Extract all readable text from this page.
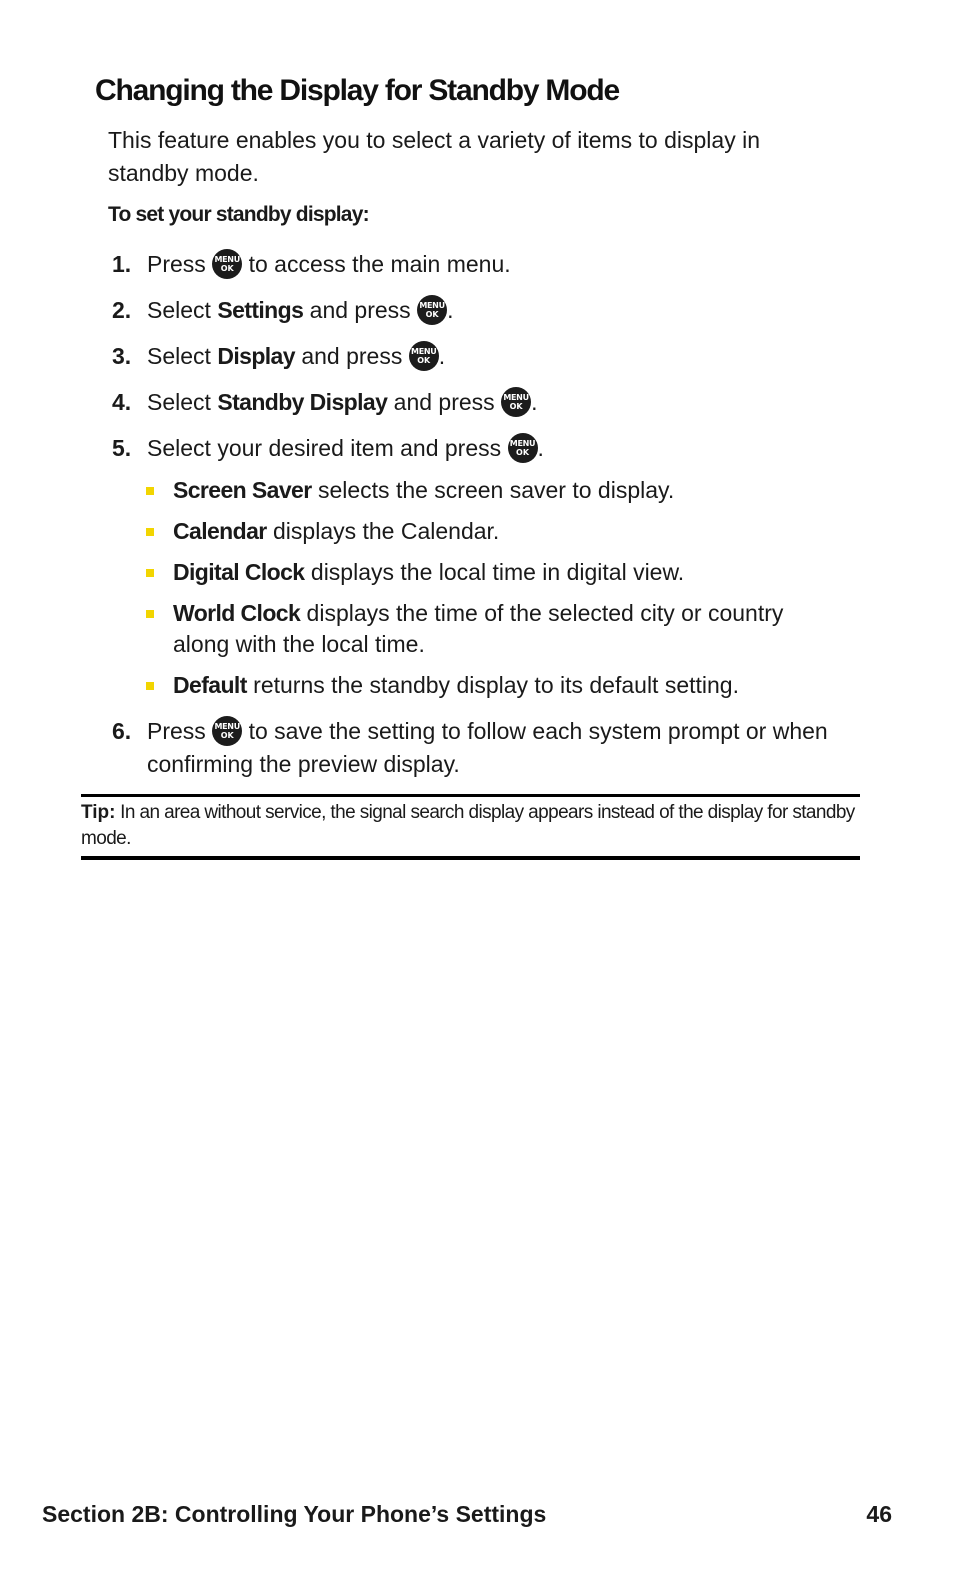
Changing the Display for Standby Mode

This feature enables you to select a variety of items to display in standby mode.

To set your standby display:

1. Press MENU
OK to access the main menu.
2. Select Settings and press MENU
OK .
3. Select Display and press MENU
OK .
4. Select Standby Display and press MENU
OK .
5. Select your desired item and press MENU
OK .
Screen Saver selects the screen saver to display.
Calendar displays the Calendar.
Digital Clock displays the local time in digital view.
World Clock displays the time of the selected city or country along with the local time.
Default returns the standby display to its default setting.
6. Press MENU
OK to save the setting to follow each system prompt or when confirming the preview display.

Tip: In an area without service, the signal search display appears instead of the display for standby mode.

Section 2B: Controlling Your Phone’s Settings	46
